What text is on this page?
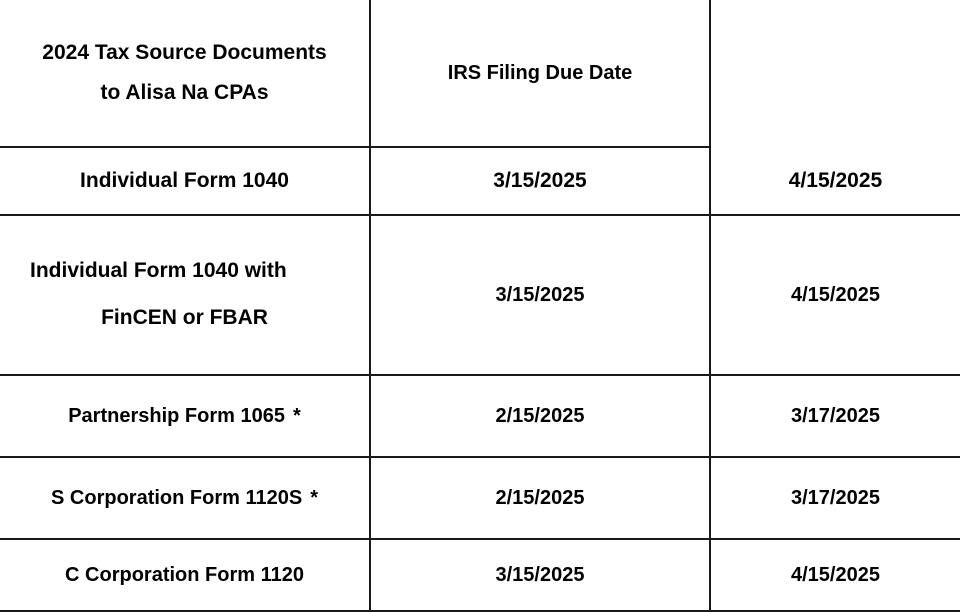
2024 Tax Source Documents
to Alisa Na CPAs	IRS Filing Due Date	

Individual Form 1040	3/15/2025	4/15/2025

Individual Form 1040 with
FinCEN or FBAR	3/15/2025	4/15/2025

Partnership Form 1065 *	2/15/2025	3/17/2025

S Corporation Form 1120S *	2/15/2025	3/17/2025

C Corporation Form 1120	3/15/2025	4/15/2025
